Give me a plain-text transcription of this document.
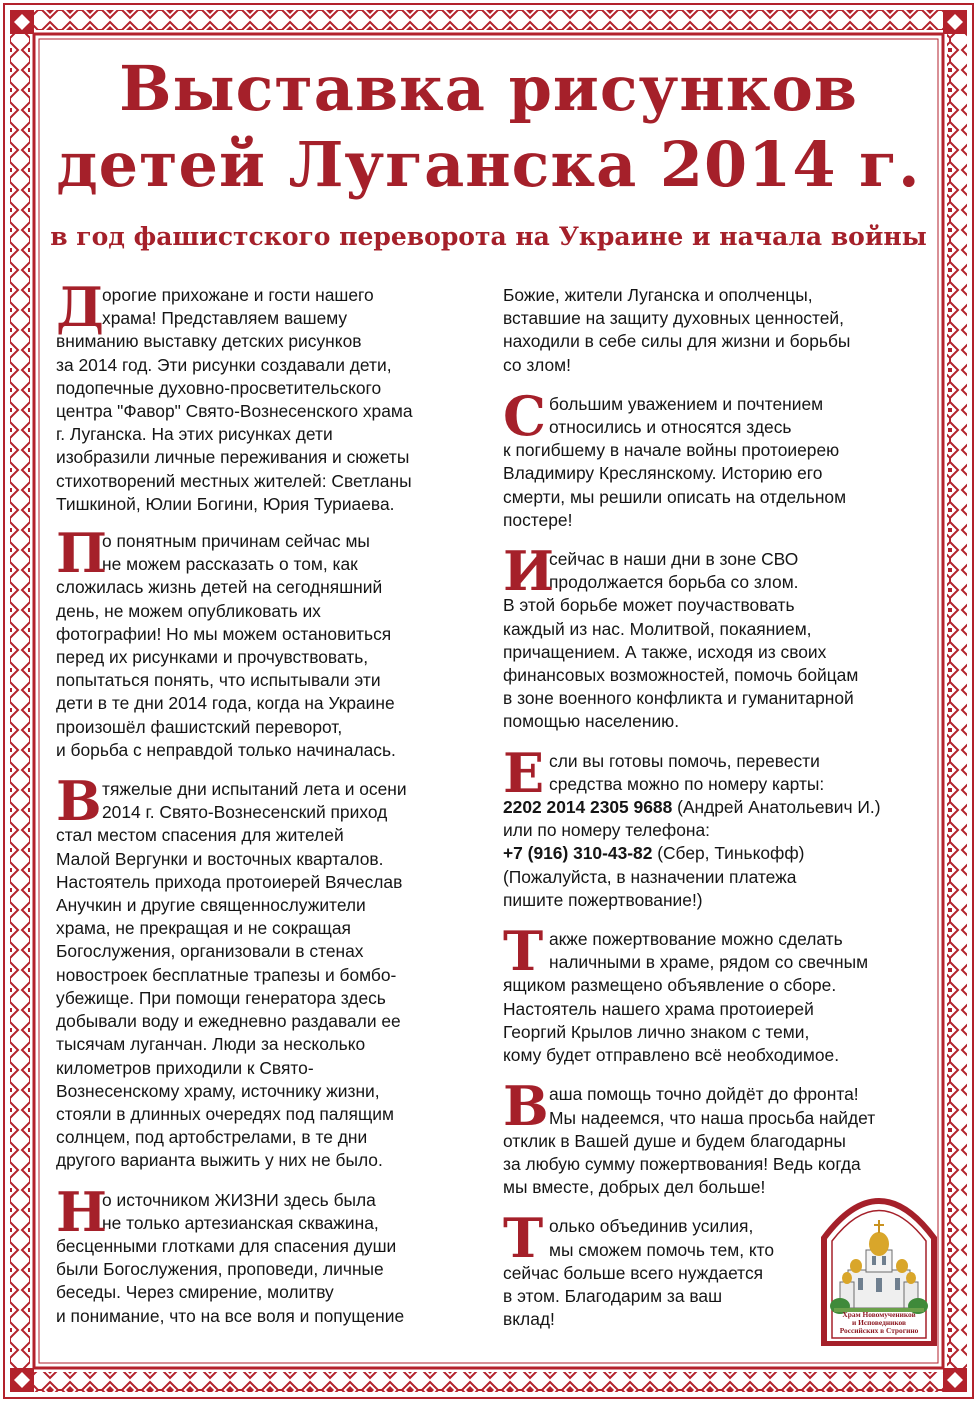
Выставка рисунков
детей Луганска 2014 г.
в год фашистского переворота на Украине и начала войны
Д
орогие прихожане и гости нашего
храма! Представляем вашему
вниманию выставку детских рисунков
за 2014 год. Эти рисунки создавали дети,
подопечные духовно-просветительского
центра "Фавор" Свято-Вознесенского храма
г. Луганска. На этих рисунках дети
изобразили личные переживания и сюжеты
стихотворений местных жителей: Светланы
Тишкиной, Юлии Богини, Юрия Туриаева.
П
о понятным причинам сейчас мы
не можем рассказать о том, как
сложилась жизнь детей на сегодняшний
день, не можем опубликовать их
фотографии! Но мы можем остановиться
перед их рисунками и прочувствовать,
попытаться понять, что испытывали эти
дети в те дни 2014 года, когда на Украине
произошёл фашистский переворот,
и борьба с неправдой только начиналась.
В тяжелые дни испытаний лета и осени
2014 г. Свято-Вознесенский приход
стал местом спасения для жителей
Малой Вергунки и восточных кварталов.
Настоятель прихода протоиерей Вячеслав
Анучкин и другие священнослужители
храма, не прекращая и не сокращая
Богослужения, организовали в стенах
новостроек бесплатные трапезы и бомбо-
убежище. При помощи генератора здесь
добывали воду и ежедневно раздавали ее
тысячам луганчан. Люди за несколько
километров приходили к Свято-
Вознесенскому храму, источнику жизни,
стояли в длинных очередях под палящим
солнцем, под артобстрелами, в те дни
другого варианта выжить у них не было.
Н
о источником ЖИЗНИ здесь была
не только артезианская скважина,
бесценными глотками для спасения души
были Богослужения, проповеди, личные
беседы. Через смирение, молитву
и понимание, что на все воля и попущение
Божие, жители Луганска и ополченцы,
вставшие на защиту духовных ценностей,
находили в себе силы для жизни и борьбы
со злом!
С большим уважением и почтением
относились и относятся здесь
к погибшему в начале войны протоиерею
Владимиру Креслянскому. Историю его
смерти, мы решили описать на отдельном
постере!
И
сейчас в наши дни в зоне СВО
продолжается борьба со злом.
В этой борьбе может поучаствовать
каждый из нас. Молитвой, покаянием,
причащением. А также, исходя из своих
финансовых возможностей, помочь бойцам
в зоне военного конфликта и гуманитарной
помощью населению.
Е сли вы готовы помочь, перевести
средства можно по номеру карты:
2202 2014 2305 9688 (Андрей Анатольевич И.)
или по номеру телефона:
+7 (916) 310-43-82 (Сбер, Тинькофф)
(Пожалуйста, в назначении платежа
пишите пожертвование!)
Т акже пожертвование можно сделать
наличными в храме, рядом со свечным
ящиком размещено объявление о сборе.
Настоятель нашего храма протоиерей
Георгий Крылов лично знаком с теми,
кому будет отправлено всё необходимое.
В аша помощь точно дойдёт до фронта!
Мы надеемся, что наша просьба найдет
отклик в Вашей душе и будем благодарны
за любую сумму пожертвования! Ведь когда
мы вместе, добрых дел больше!
Т олько объединив усилия,
мы сможем помочь тем, кто
сейчас больше всего нуждается
в этом. Благодарим за ваш
вклад!	Храм Новомучеников
и Исповедников
Российских в Строгино
